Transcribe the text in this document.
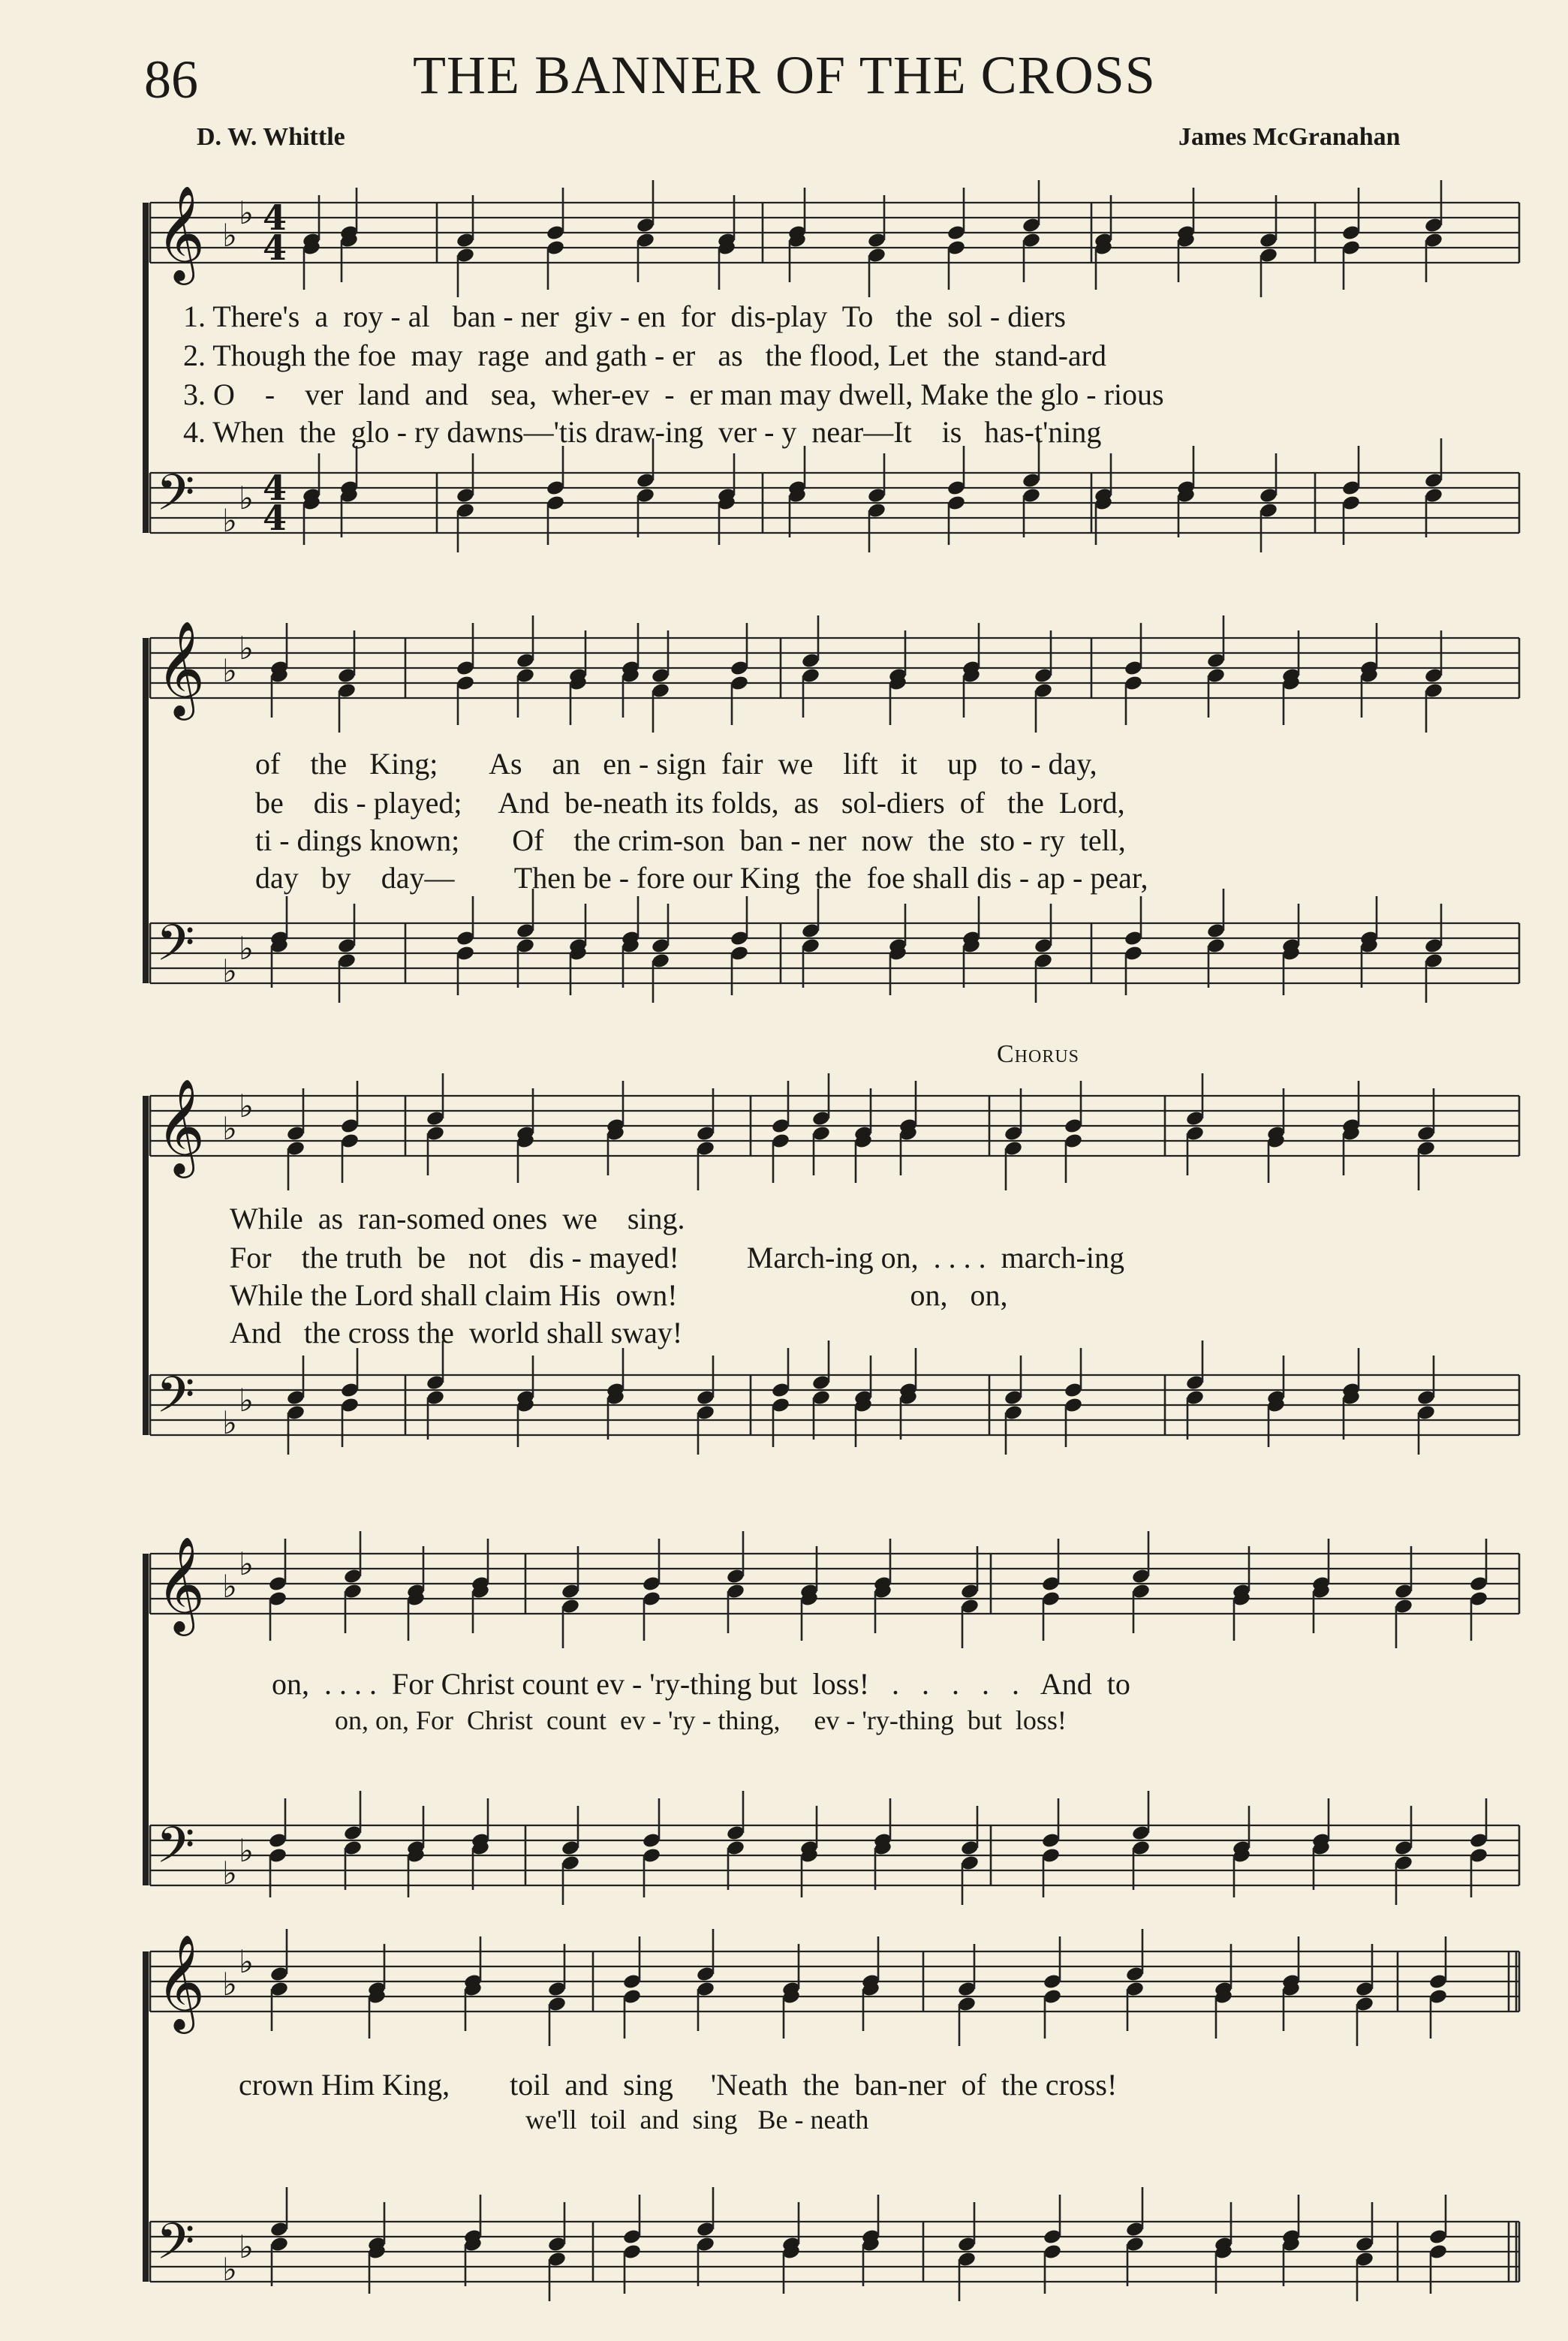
86	THE BANNER OF THE CROSS
D. W. Whittle	James McGranahan
𝄞 ♭
♭ 4
4
𝄢 ♭
♭ 4
4
𝄞 ♭
♭
𝄢 ♭
♭
𝄞 ♭
♭
𝄢 ♭
♭
𝄞 ♭
♭
𝄢 ♭
♭
𝄞 ♭
♭
𝄢 ♭
♭
Chorus
1. There's  a  roy - al   ban - ner  giv - en  for  dis-play  To   the  sol - diers
2. Though the foe  may  rage  and gath - er   as   the flood, Let  the  stand-ard
3. O    -    ver  land  and   sea,  wher-ev  -  er man may dwell, Make the glo - rious
4. When  the  glo - ry dawns—'tis draw-ing  ver - y  near—It    is   has-t'ning
of    the   King;       As    an   en - sign  fair  we    lift   it    up   to - day,
be    dis - played;     And  be-neath its folds,  as   sol-diers  of   the  Lord,
ti - dings known;       Of    the crim-son  ban - ner  now  the  sto - ry  tell,
day   by    day—        Then be - fore our King  the  foe shall dis - ap - pear,
While  as  ran-somed ones  we    sing.
For    the truth  be   not   dis - mayed!         March-ing on,  . . . .  march-ing
While the Lord shall claim His  own!                               on,   on,
And   the cross the  world shall sway!
on,  . . . .  For Christ count ev - 'ry-thing but  loss!   .   .   .   .   .   And  to
on, on, For  Christ  count  ev - 'ry - thing,     ev - 'ry-thing  but  loss!
crown Him King,        toil  and  sing     'Neath  the  ban-ner  of  the cross!
we'll  toil  and  sing   Be - neath
